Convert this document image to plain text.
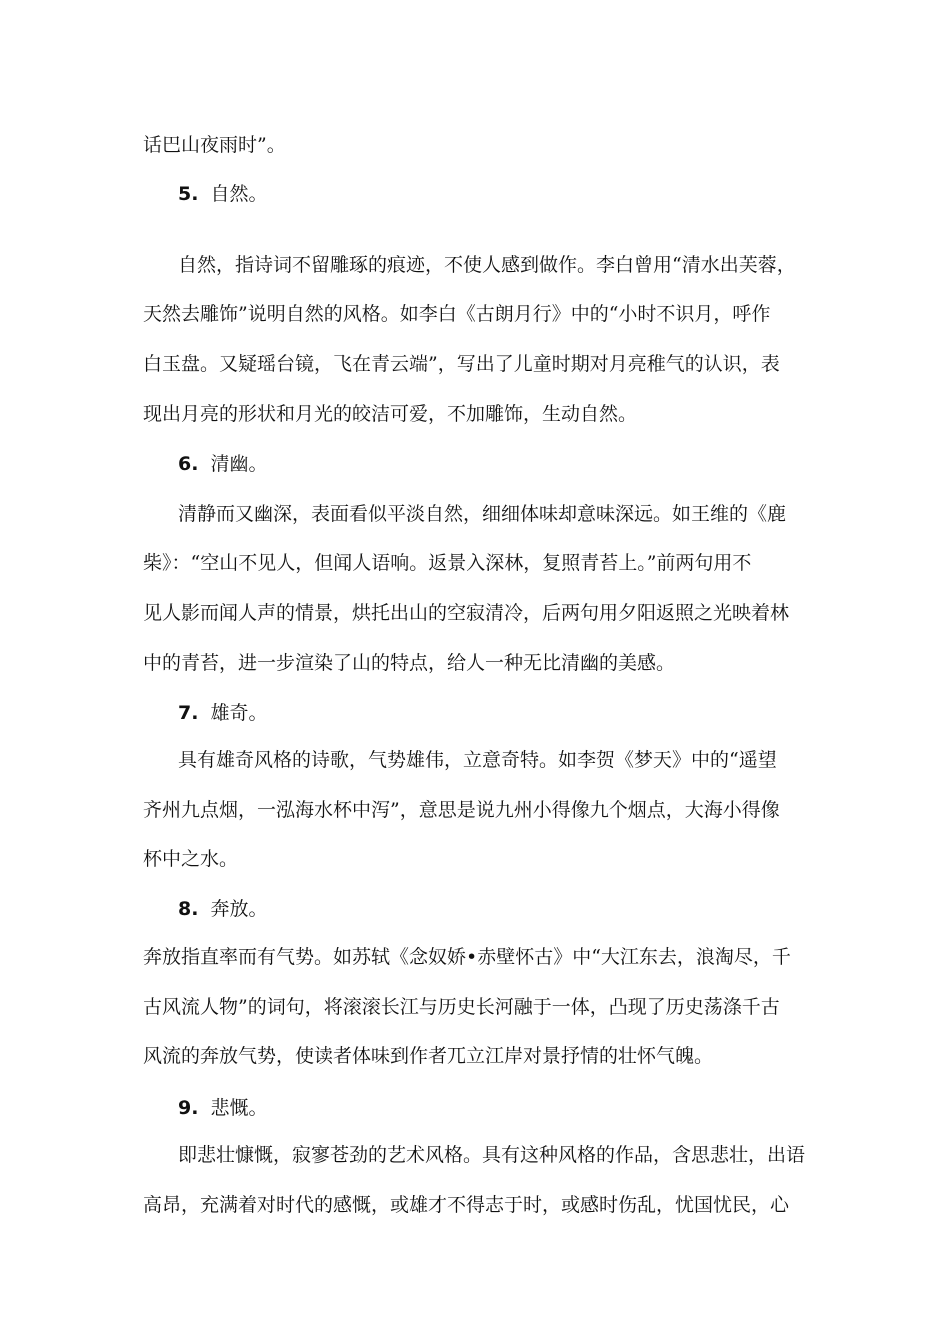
话巴山夜雨时”。
5. 自然。
自然，指诗词不留雕琢的痕迹，不使人感到做作。李白曾用“清水出芙蓉，
天然去雕饰”说明自然的风格。如李白《古朗月行》中的“小时不识月，呼作
白玉盘。又疑瑶台镜，飞在青云端”，写出了儿童时期对月亮稚气的认识，表
现出月亮的形状和月光的皎洁可爱，不加雕饰，生动自然。
6. 清幽。
清静而又幽深，表面看似平淡自然，细细体味却意味深远。如王维的《鹿
柴》：“空山不见人，但闻人语响。返景入深林，复照青苔上。”前两句用不
见人影而闻人声的情景，烘托出山的空寂清冷，后两句用夕阳返照之光映着林
中的青苔，进一步渲染了山的特点，给人一种无比清幽的美感。
7. 雄奇。
具有雄奇风格的诗歌，气势雄伟，立意奇特。如李贺《梦天》中的“遥望
齐州九点烟，一泓海水杯中泻”，意思是说九州小得像九个烟点，大海小得像
杯中之水。
8. 奔放。
奔放指直率而有气势。如苏轼《念奴娇•赤壁怀古》中“大江东去，浪淘尽，千
古风流人物”的词句，将滚滚长江与历史长河融于一体，凸现了历史荡涤千古
风流的奔放气势，使读者体味到作者兀立江岸对景抒情的壮怀气魄。
9. 悲慨。
即悲壮慷慨，寂寥苍劲的艺术风格。具有这种风格的作品，含思悲壮，出语
高昂，充满着对时代的感慨，或雄才不得志于时，或感时伤乱，忧国忧民，心
